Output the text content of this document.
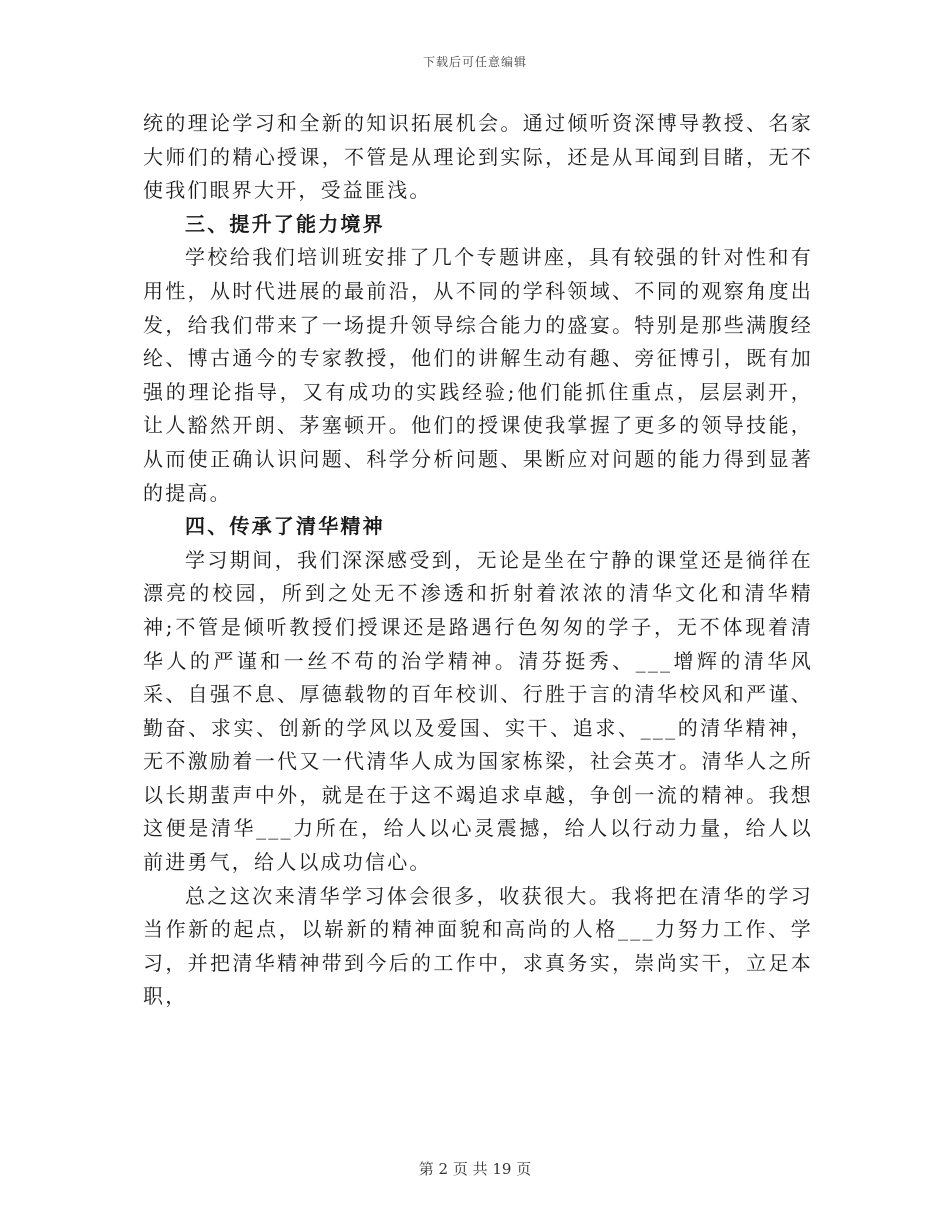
下载后可任意编辑

统的理论学习和全新的知识拓展机会。通过倾听资深博导教授、名家大师们的精心授课，不管是从理论到实际，还是从耳闻到目睹，无不使我们眼界大开，受益匪浅。

三、提升了能力境界

学校给我们培训班安排了几个专题讲座，具有较强的针对性和有用性，从时代进展的最前沿，从不同的学科领域、不同的观察角度出发，给我们带来了一场提升领导综合能力的盛宴。特别是那些满腹经纶、博古通今的专家教授，他们的讲解生动有趣、旁征博引，既有加强的理论指导，又有成功的实践经验;他们能抓住重点，层层剥开，让人豁然开朗、茅塞顿开。他们的授课使我掌握了更多的领导技能，从而使正确认识问题、科学分析问题、果断应对问题的能力得到显著的提高。

四、传承了清华精神

学习期间，我们深深感受到，无论是坐在宁静的课堂还是徜徉在漂亮的校园，所到之处无不渗透和折射着浓浓的清华文化和清华精神;不管是倾听教授们授课还是路遇行色匆匆的学子，无不体现着清华人的严谨和一丝不苟的治学精神。清芬挺秀、___增辉的清华风采、自强不息、厚德载物的百年校训、行胜于言的清华校风和严谨、勤奋、求实、创新的学风以及爱国、实干、追求、___的清华精神，无不激励着一代又一代清华人成为国家栋梁，社会英才。清华人之所以长期蜚声中外，就是在于这不竭追求卓越，争创一流的精神。我想这便是清华___力所在，给人以心灵震撼，给人以行动力量，给人以前进勇气，给人以成功信心。

总之这次来清华学习体会很多，收获很大。我将把在清华的学习当作新的起点，以崭新的精神面貌和高尚的人格___力努力工作、学习，并把清华精神带到今后的工作中，求真务实，崇尚实干，立足本职，

第 2 页 共 19 页
